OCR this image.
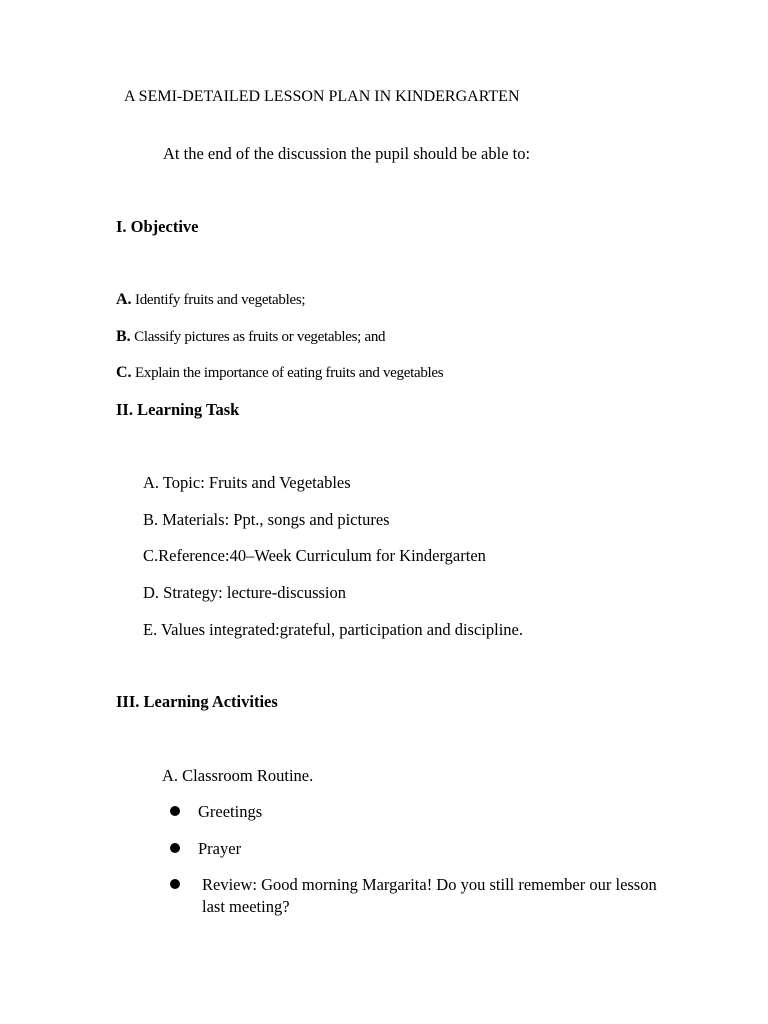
A SEMI-DETAILED LESSON PLAN IN KINDERGARTEN
At the end of the discussion the pupil should be able to:
I. Objective
A. Identify fruits and vegetables;
B. Classify pictures as fruits or vegetables; and
C. Explain the importance of eating fruits and vegetables
II. Learning Task
A. Topic: Fruits and Vegetables
B. Materials: Ppt., songs and pictures
C.Reference:40–Week Curriculum for Kindergarten
D. Strategy: lecture-discussion
E. Values integrated:grateful, participation and discipline.
III. Learning Activities
A. Classroom Routine.
Greetings
Prayer
Review: Good morning Margarita! Do you still remember our lesson last meeting?
